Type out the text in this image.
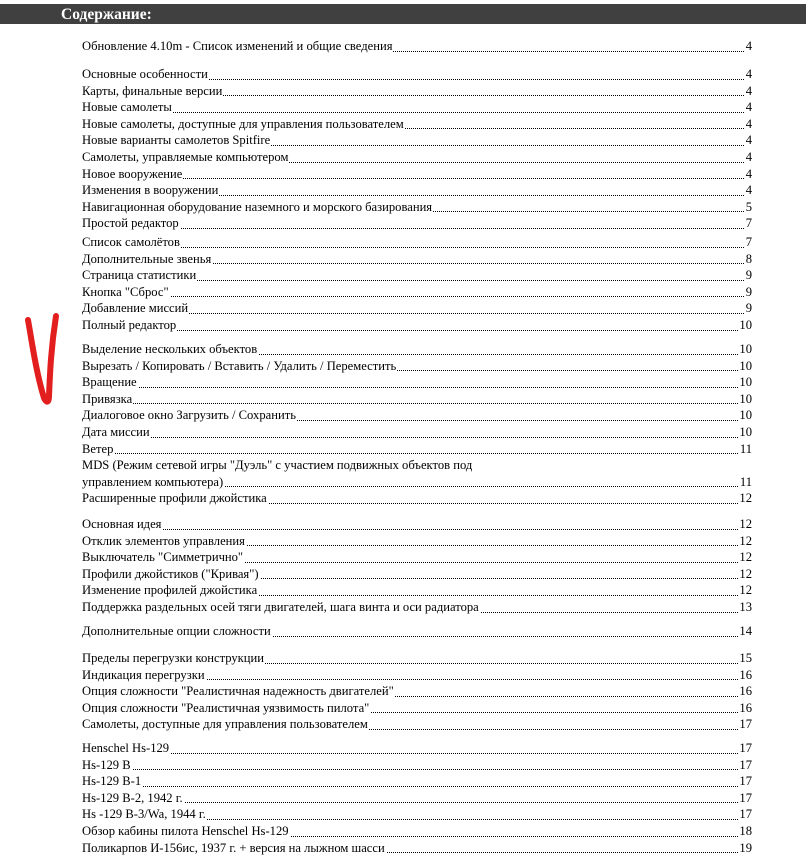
Содержание:
Обновление 4.10m - Список изменений и общие сведения	4
Основные особенности	4
Карты, финальные версии	4
Новые самолеты	4
Новые самолеты, доступные для управления пользователем	4
Новые варианты самолетов Spitfire	4
Самолеты, управляемые компьютером	4
Новое вооружение	4
Изменения в вооружении	4
Навигационная оборудование наземного и морского базирования	5
Простой редактор	7
Список самолётов	7
Дополнительные звенья	8
Страница статистики	9
Кнопка "Сброс"	9
Добавление миссий	9
Полный редактор	10
Выделение нескольких объектов	10
Вырезать / Копировать / Вставить / Удалить / Переместить	10
Вращение	10
Привязка	10
Диалоговое окно Загрузить / Сохранить	10
Дата миссии	10
Ветер	11
MDS (Режим сетевой игры "Дуэль" с участием подвижных объектов под
управлением компьютера)	11
Расширенные профили джойстика	12
Основная идея	12
Отклик элементов управления	12
Выключатель "Симметрично"	12
Профили джойстиков ("Кривая")	12
Изменение профилей джойстика	12
Поддержка раздельных осей тяги двигателей, шага винта и оси радиатора	13
Дополнительные опции сложности	14
Пределы перегрузки конструкции	15
Индикация перегрузки	16
Опция сложности "Реалистичная надежность двигателей"	16
Опция сложности "Реалистичная уязвимость пилота"	16
Самолеты, доступные для управления пользователем	17
Henschel Hs-129	17
Hs-129 B	17
Hs-129 B-1	17
Hs-129 B-2, 1942 г.	17
Hs -129 B-3/Wa, 1944 г.	17
Обзор кабины пилота Henschel Hs-129	18
Поликарпов И-156ис, 1937 г. + версия на лыжном шасси	19
